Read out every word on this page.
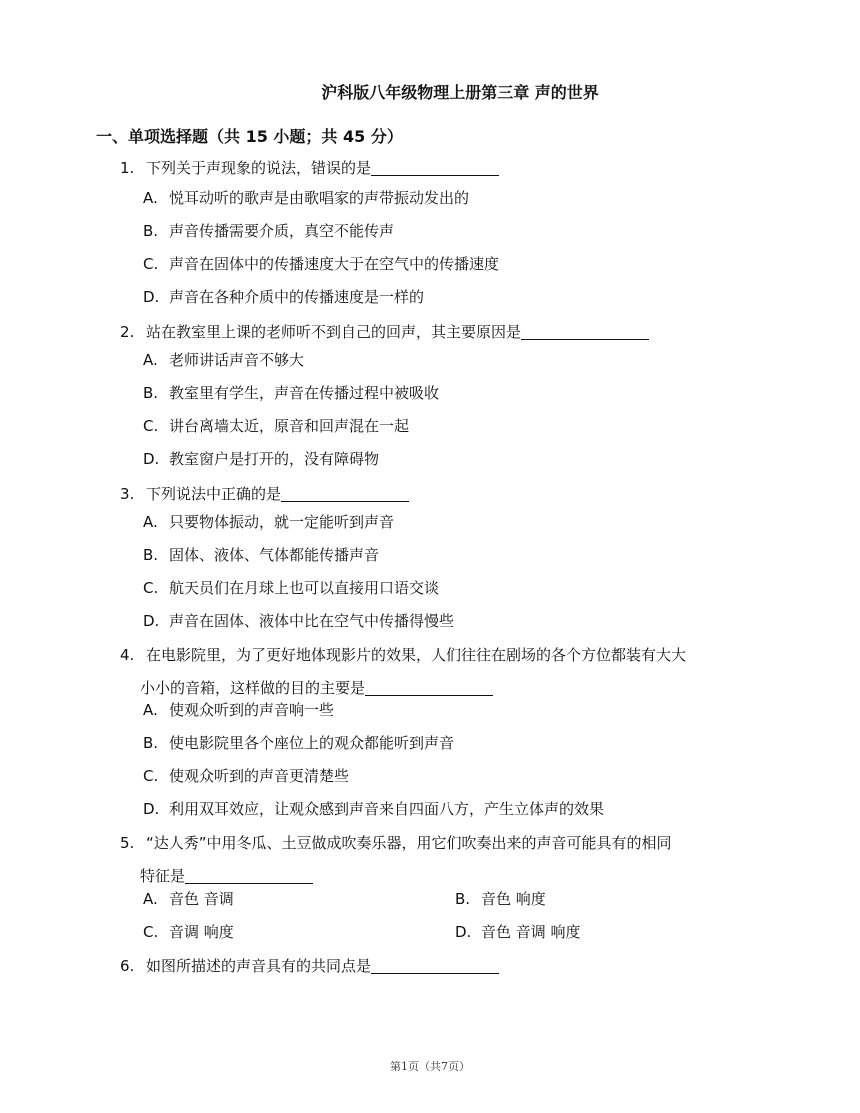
沪科版八年级物理上册第三章 声的世界
一、单项选择题（共 15 小题；共 45 分）
1. 下列关于声现象的说法，错误的是
A. 悦耳动听的歌声是由歌唱家的声带振动发出的
B. 声音传播需要介质，真空不能传声
C. 声音在固体中的传播速度大于在空气中的传播速度
D. 声音在各种介质中的传播速度是一样的
2. 站在教室里上课的老师听不到自己的回声，其主要原因是
A. 老师讲话声音不够大
B. 教室里有学生，声音在传播过程中被吸收
C. 讲台离墙太近，原音和回声混在一起
D. 教室窗户是打开的，没有障碍物
3. 下列说法中正确的是
A. 只要物体振动，就一定能听到声音
B. 固体、液体、气体都能传播声音
C. 航天员们在月球上也可以直接用口语交谈
D. 声音在固体、液体中比在空气中传播得慢些
4. 在电影院里，为了更好地体现影片的效果，人们往往在剧场的各个方位都装有大大
小小的音箱，这样做的目的主要是
A. 使观众听到的声音响一些
B. 使电影院里各个座位上的观众都能听到声音
C. 使观众听到的声音更清楚些
D. 利用双耳效应，让观众感到声音来自四面八方，产生立体声的效果
5. “达人秀”中用冬瓜、土豆做成吹奏乐器，用它们吹奏出来的声音可能具有的相同
特征是
A. 音色 音调	B. 音色 响度
C. 音调 响度	D. 音色 音调 响度
6. 如图所描述的声音具有的共同点是
第1页（共7页）
